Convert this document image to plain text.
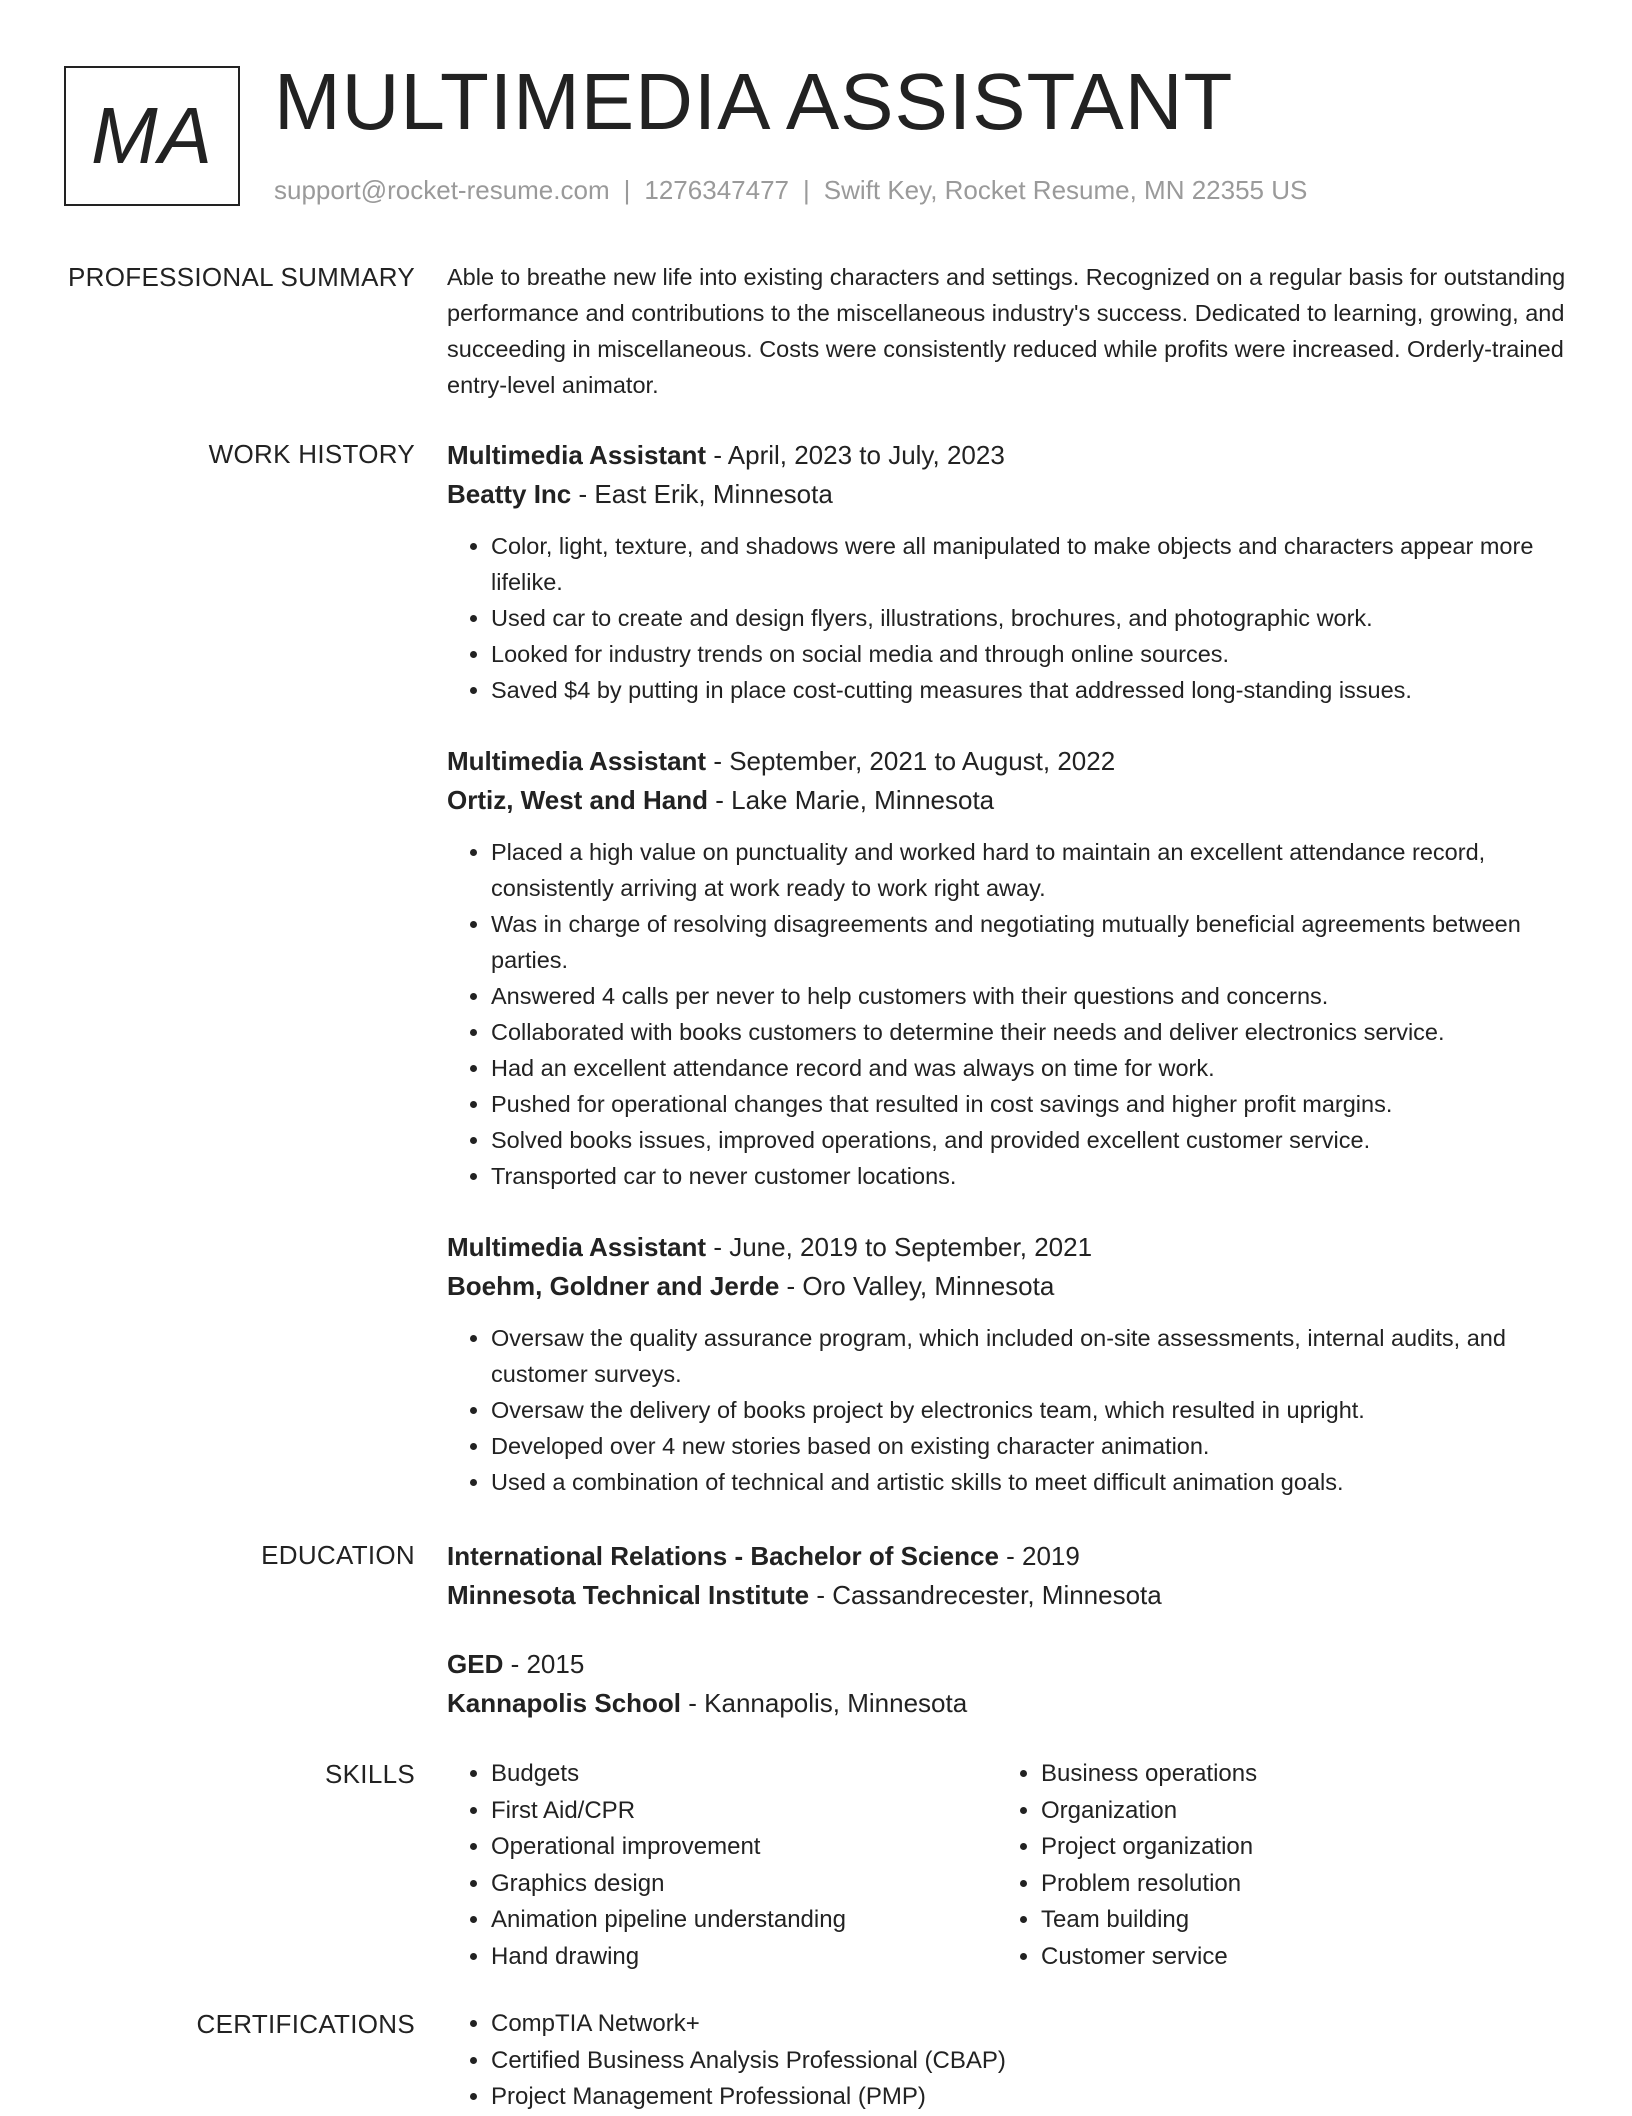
MA MULTIMEDIA ASSISTANT
support@rocket-resume.com | 1276347477 | Swift Key, Rocket Resume, MN 22355 US
PROFESSIONAL SUMMARY Able to breathe new life into existing characters and settings. Recognized on a regular basis for outstanding performance and contributions to the miscellaneous industry's success. Dedicated to learning, growing, and succeeding in miscellaneous. Costs were consistently reduced while profits were increased. Orderly-trained entry-level animator.

WORK HISTORY Multimedia Assistant - April, 2023 to July, 2023

Beatty Inc - East Erik, Minnesota

• Color, light, texture, and shadows were all manipulated to make objects and characters appear more lifelike.
• Used car to create and design flyers, illustrations, brochures, and photographic work.
• Looked for industry trends on social media and through online sources.
• Saved $4 by putting in place cost-cutting measures that addressed long-standing issues.

Multimedia Assistant - September, 2021 to August, 2022

Ortiz, West and Hand - Lake Marie, Minnesota

• Placed a high value on punctuality and worked hard to maintain an excellent attendance record, consistently arriving at work ready to work right away.
• Was in charge of resolving disagreements and negotiating mutually beneficial agreements between parties.
• Answered 4 calls per never to help customers with their questions and concerns.
• Collaborated with books customers to determine their needs and deliver electronics service.
• Had an excellent attendance record and was always on time for work.
• Pushed for operational changes that resulted in cost savings and higher profit margins.
• Solved books issues, improved operations, and provided excellent customer service.
• Transported car to never customer locations.

Multimedia Assistant - June, 2019 to September, 2021

Boehm, Goldner and Jerde - Oro Valley, Minnesota

• Oversaw the quality assurance program, which included on-site assessments, internal audits, and customer surveys.
• Oversaw the delivery of books project by electronics team, which resulted in upright.
• Developed over 4 new stories based on existing character animation.
• Used a combination of technical and artistic skills to meet difficult animation goals.
EDUCATION International Relations - Bachelor of Science - 2019

Minnesota Technical Institute - Cassandrecester, Minnesota

GED - 2015

Kannapolis School - Kannapolis, Minnesota

SKILLS	• Budgets
• First Aid/CPR
• Operational improvement
• Graphics design
• Animation pipeline understanding
• Hand drawing
• Business operations
• Organization
• Project organization
• Problem resolution
• Team building
• Customer service
CERTIFICATIONS	• CompTIA Network+
• Certified Business Analysis Professional (CBAP)
• Project Management Professional (PMP)
